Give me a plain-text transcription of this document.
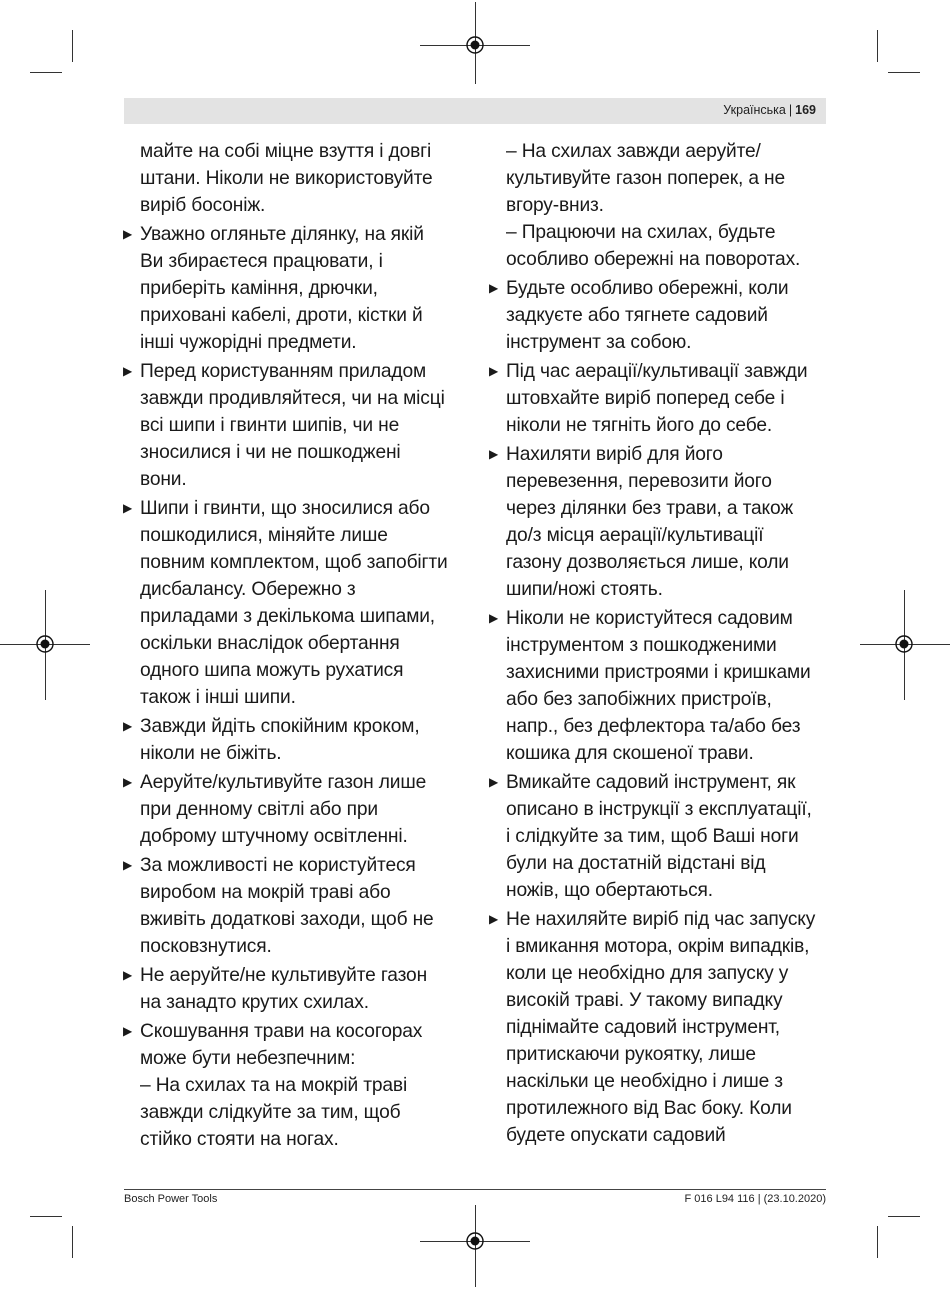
Українська | 169
майте на собі міцне взуття і довгі
штани. Ніколи не використовуйте
виріб босоніж.
▶ Уважно огляньте ділянку, на якій
Ви збираєтеся працювати, і
приберіть каміння, дрючки,
приховані кабелі, дроти, кістки й
інші чужорідні предмети.
▶ Перед користуванням приладом
завжди продивляйтеся, чи на місці
всі шипи і гвинти шипів, чи не
зносилися і чи не пошкоджені
вони.
▶ Шипи і гвинти, що зносилися або
пошкодилися, міняйте лише
повним комплектом, щоб запобігти
дисбалансу. Обережно з
приладами з декількома шипами,
оскільки внаслідок обертання
одного шипа можуть рухатися
також і інші шипи.
▶ Завжди йдіть спокійним кроком,
ніколи не біжіть.
▶ Аеруйте/культивуйте газон лише
при денному світлі або при
доброму штучному освітленні.
▶ За можливості не користуйтеся
виробом на мокрій траві або
вживіть додаткові заходи, щоб не
посковзнутися.
▶ Не аеруйте/не культивуйте газон
на занадто крутих схилах.
▶ Скошування трави на косогорах
може бути небезпечним:
– На схилах та на мокрій траві
завжди слідкуйте за тим, щоб
стійко стояти на ногах.
– На схилах завжди аеруйте/
культивуйте газон поперек, а не
вгору-вниз.
– Працюючи на схилах, будьте
особливо обережні на поворотах.
▶ Будьте особливо обережні, коли
задкуєте або тягнете садовий
інструмент за собою.
▶ Під час аерації/культивації завжди
штовхайте виріб поперед себе і
ніколи не тягніть його до себе.
▶ Нахиляти виріб для його
перевезення, перевозити його
через ділянки без трави, а також
до/з місця аерації/культивації
газону дозволяється лише, коли
шипи/ножі стоять.
▶ Ніколи не користуйтеся садовим
інструментом з пошкодженими
захисними пристроями і кришками
або без запобіжних пристроїв,
напр., без дефлектора та/або без
кошика для скошеної трави.
▶ Вмикайте садовий інструмент, як
описано в інструкції з експлуатації,
і слідкуйте за тим, щоб Ваші ноги
були на достатній відстані від
ножів, що обертаються.
▶ Не нахиляйте виріб під час запуску
і вмикання мотора, окрім випадків,
коли це необхідно для запуску у
високій траві. У такому випадку
піднімайте садовий інструмент,
притискаючи рукоятку, лише
наскільки це необхідно і лише з
протилежного від Вас боку. Коли
будете опускати садовий
Bosch Power Tools	F 016 L94 116 | (23.10.2020)
